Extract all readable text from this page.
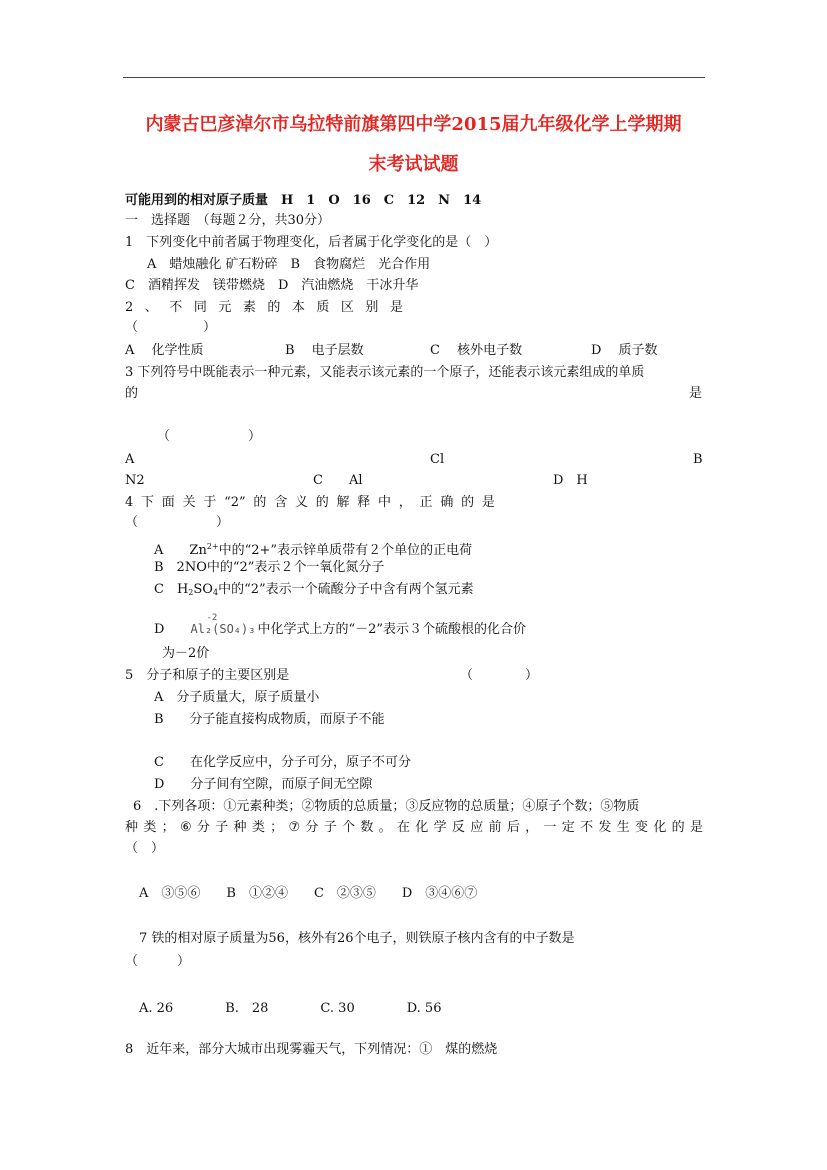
内蒙古巴彦淖尔市乌拉特前旗第四中学2015届九年级化学上学期期
末考试试题
可能用到的相对原子质量　H　1　O　16　C　12　N　14
一　选择题　（每题２分，共30分）
1　下列变化中前者属于物理变化，后者属于化学变化的是（　）
A　蜡烛融化 矿石粉碎　B　食物腐烂　光合作用
C　酒精挥发　镁带燃烧　D　汽油燃烧　干冰升华
2 、 不 同 元 素 的 本 质 区 别 是
（　　　　　）
A　 化学性质	B　 电子层数	C　 核外电子数	D　 质子数
3 下列符号中既能表示一种元素，又能表示该元素的一个原子，还能表示该元素组成的单质
的	是
（　　　　　　）
A	Cl	B
N2	C　　Al	D　H
4 下 面 关 于 “2” 的 含 义 的 解 释 中 ， 正 确 的 是
（　　　　　　）
A　　 $Zn^{2+}$中的“2+”表示锌单质带有２个单位的正电荷
B　2NO中的“2”表示２个一氧化氮分子
C　$H_2SO_4$中的“2”表示一个硫酸分子中含有两个氢元素
D　　
-2
Al₂(SO₄)₃ 中化学式上方的“－2”表示３个硫酸根的化合价
为－2价
5　分子和原子的主要区别是	（　　　　）
A　分子质量大，原子质量小
B　　分子能直接构成物质，而原子不能
C　　在化学反应中，分子可分，原子不可分
D　　分子间有空隙，而原子间无空隙
6　.下列各项：①元素种类；②物质的总质量；③反应物的总质量；④原子个数；⑤物质
种 类 ； ⑥ 分 子 种 类 ； ⑦ 分 子 个 数 。 在 化 学 反 应 前 后 ， 一 定 不 发 生 变 化 的 是
（　）
A　③⑤⑥　　B　①②④　　C　②③⑤　　D　③④⑥⑦
7 铁的相对原子质量为56，核外有26个电子，则铁原子核内含有的中子数是
（　　　）
A. 26　　　　B.　28　　　　C. 30　　　　D. 56
8　近年来，部分大城市出现雾霾天气，下列情况：①　煤的燃烧
